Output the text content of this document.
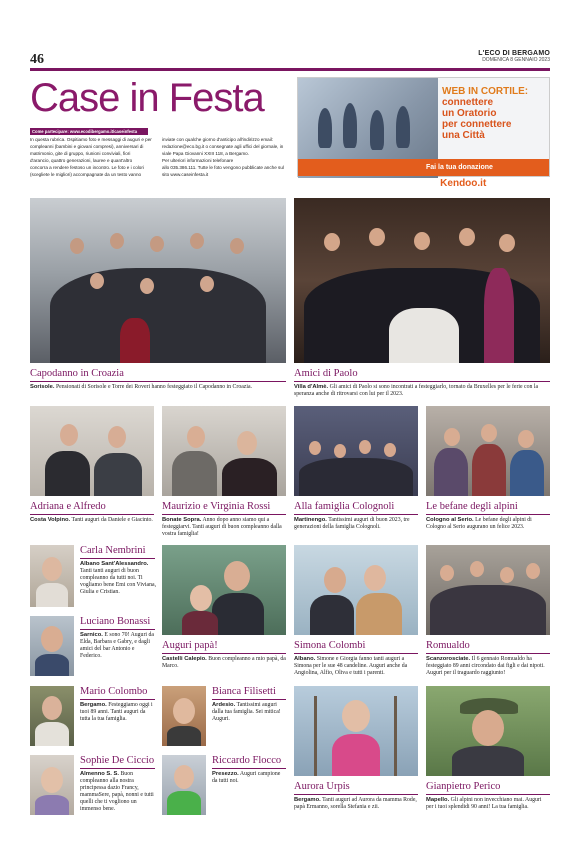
46	L'ECO DI BERGAMO
DOMENICA 8 GENNAIO 2023
Case in Festa
Come partecipare: www.ecodibergamo.it/caseinfesta
In questa rubrica. Ospitiamo foto e messaggi di auguri e per
compleanni (bambini e giovani compresi), anniversari di
matrimonio, gite di gruppo, riunioni conviviali, fiori
d'arancio, quattro generazioni, lauree e quant'altro
concorra a rendere festoso un incontro. Le foto e i colori
(scegliete le migliori) accompagnate da un testo vanno
inviate con qualche giorno d'anticipo all'indirizzo email:
redazione@eco.bg.it o consegnate agli uffici del giornale, in
viale Papa Giovanni XXIII 118, a Bergamo.
Per ulteriori informazioni telefonare
allo 035.386.111. Tutte le foto vengono pubblicate anche sul
sito www.caseinfesta.it
WEB IN CORTILE:
connettere
un Oratorio
per connettere
una Città
Fai la tua donazione su Kendoo.it
Capodanno in Croazia
Sorisole. Pensionati di Sorisole e Torre dei Roveri hanno festeggiato il Capodanno in Croazia.
Amici di Paolo
Villa d'Almè. Gli amici di Paolo si sono incontrati a festeggiarlo, tornato da Bruxelles per le ferie con la speranza anche di ritrovarsi con lui per il 2023.
Adriana e Alfredo
Costa Volpino. Tanti auguri da Daniele e Giacinto.
Maurizio e Virginia Rossi
Bonate Sopra. Anno dopo anno siamo qui a festeggiarvi. Tanti auguri di buon compleanno dalla vostra famiglia!
Alla famiglia Colognoli
Martinengo. Tantissimi auguri di buon 2023, tre generazioni della famiglia Colognoli.
Le befane degli alpini
Cologno al Serio. Le befane degli alpini di Cologno al Serio augurano un felice 2023.
Carla Nembrini
Albano Sant'Alessandro. Tanti tanti auguri di buon compleanno da tutti noi. Ti vogliamo bene Emi con Viviana, Giulia e Cristian.
Luciano Bonassi
Sarnico. E sono 70! Auguri da Elda, Barbara e Gabry, e dagli amici del bar Antonio e Federico.
Mario Colombo
Bergamo. Festeggiamo oggi i tuoi 89 anni. Tanti auguri da tutta la tua famiglia.
Sophie De Ciccio
Almenno S. S. Buon compleanno alla nostra principessa dazio Francy, mammaSere, papà, nonni e tutti quelli che ti vogliono un immenso bene.
Auguri papà!
Castelli Calepio. Buon compleanno a mio papà, da Marco.
Bianca Filisetti
Ardesio. Tantissimi auguri dalla tua famiglia. Sei mitica! Auguri.
Riccardo Flocco
Presezzo. Auguri campione da tutti noi.
Simona Colombi
Albano. Simone e Giorgia fanno tanti auguri a Simona per le sue 48 candeline. Auguri anche da Angiolina, Alfio, Oliva e tutti i parenti.
Romualdo
Scanzorosciate. Il 6 gennaio Romualdo ha festeggiato 89 anni circondato dai figli e dai nipoti. Auguri per il traguardo raggiunto!
Aurora Urpis
Bergamo. Tanti auguri ad Aurora da mamma Rode, papà Ermanno, sorella Stefania e zii.
Gianpietro Perico
Mapello. Gli alpini non invecchiano mai. Auguri per i tuoi splendidi 90 anni! La tua famiglia.
